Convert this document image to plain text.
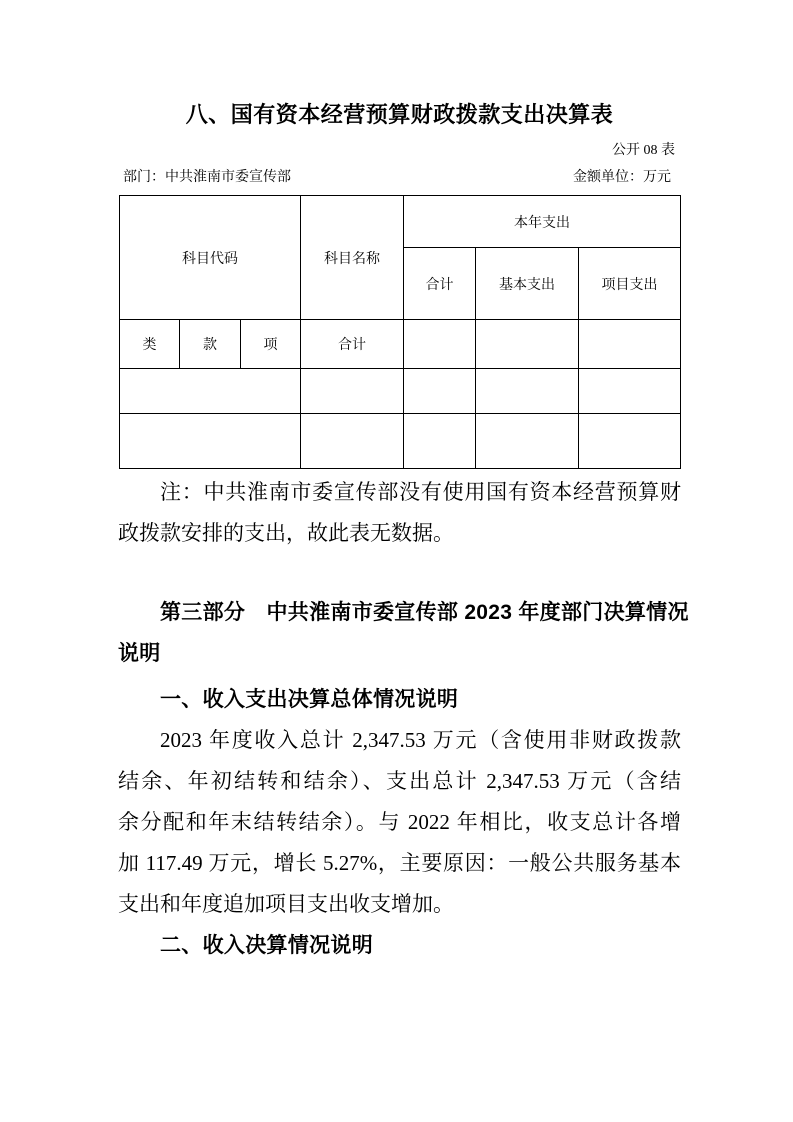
八、国有资本经营预算财政拨款支出决算表
公开 08 表
部门：中共淮南市委宣传部	金额单位：万元
科目代码			科目名称	本年支出		
				合计	基本支出	项目支出
类	款	项	合计			

注：中共淮南市委宣传部没有使用国有资本经营预算财
政拨款安排的支出，故此表无数据。
第三部分　中共淮南市委宣传部 2023 年度部门决算情况
说明
一、收入支出决算总体情况说明
2023 年度收入总计 2,347.53 万元（含使用非财政拨款
结余、年初结转和结余）、支出总计 2,347.53 万元（含结
余分配和年末结转结余）。与 2022 年相比，收支总计各增
加 117.49 万元，增长 5.27%，主要原因：一般公共服务基本
支出和年度追加项目支出收支增加。
二、收入决算情况说明
